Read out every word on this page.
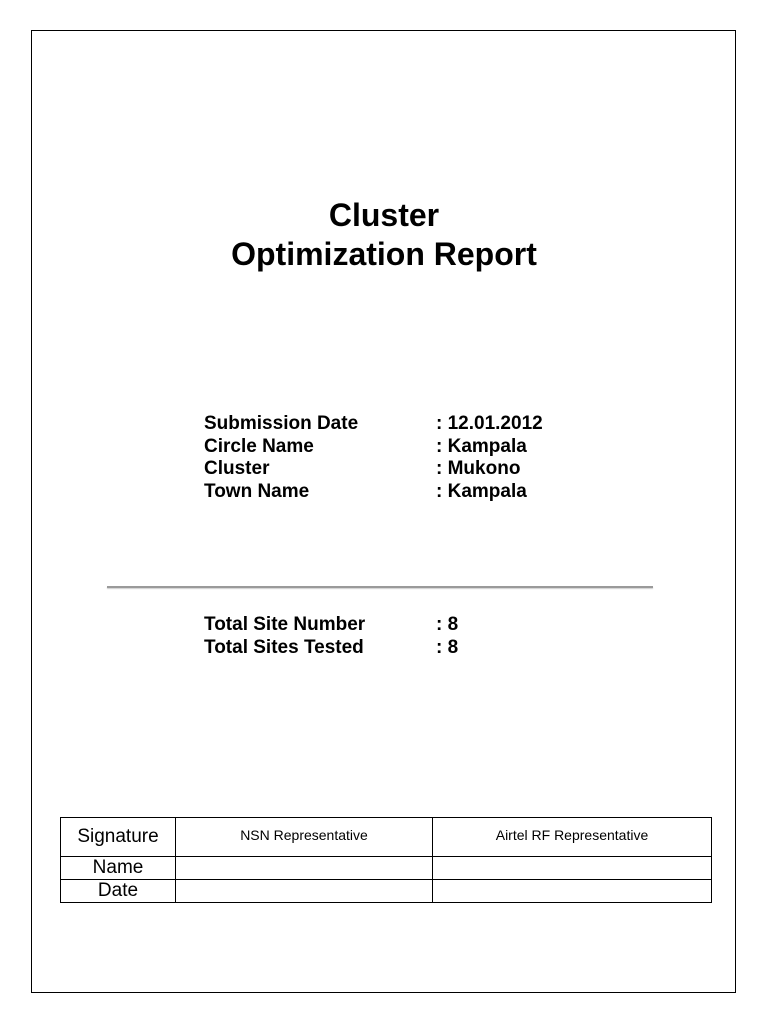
Cluster
Optimization Report
Submission Date	: 12.01.2012
Circle Name	: Kampala
Cluster	: Mukono
Town Name	: Kampala
Total Site Number	: 8
Total Sites Tested	: 8
Signature	NSN Representative	Airtel RF Representative
Name		
Date		
